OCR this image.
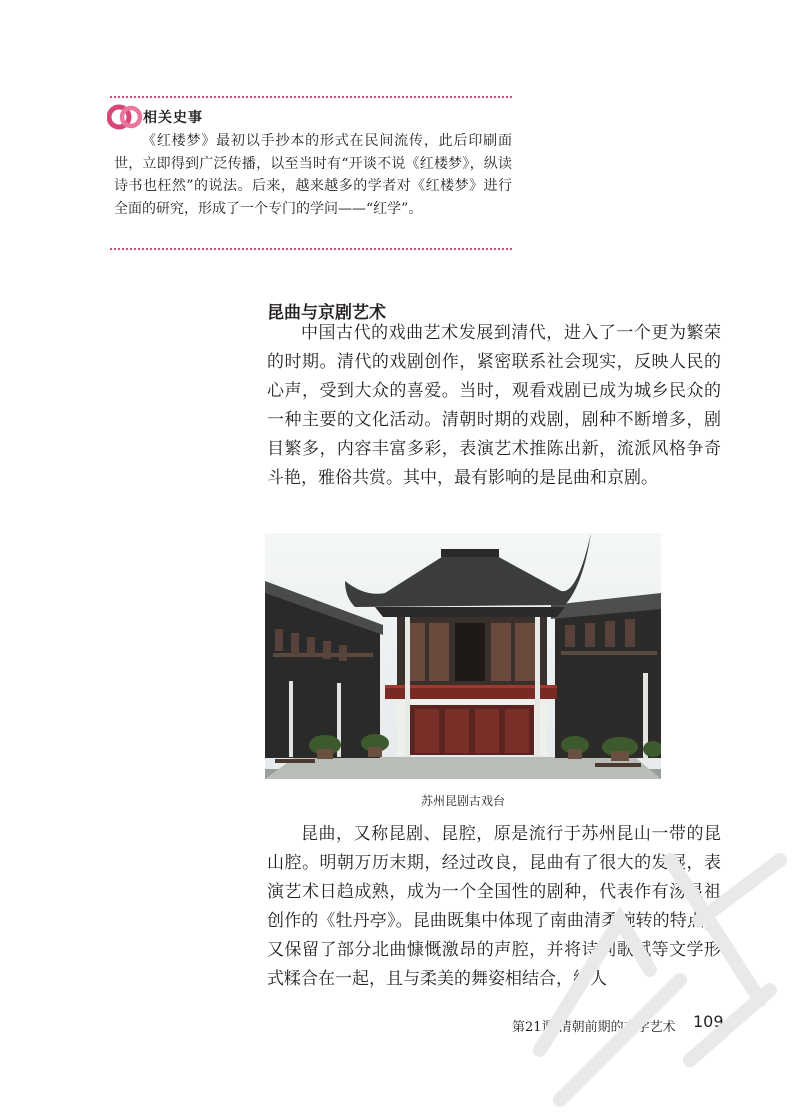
相关史事

《红楼梦》最初以手抄本的形式在民间流传，此后印刷面世，立即得到广泛传播，以至当时有“开谈不说《红楼梦》，纵读诗书也枉然”的说法。后来，越来越多的学者对《红楼梦》进行全面的研究，形成了一个专门的学问——“红学”。

昆曲与京剧艺术

中国古代的戏曲艺术发展到清代，进入了一个更为繁荣的时期。清代的戏剧创作，紧密联系社会现实，反映人民的心声，受到大众的喜爱。当时，观看戏剧已成为城乡民众的一种主要的文化活动。清朝时期的戏剧，剧种不断增多，剧目繁多，内容丰富多彩，表演艺术推陈出新，流派风格争奇斗艳，雅俗共赏。其中，最有影响的是昆曲和京剧。

苏州昆剧古戏台

昆曲，又称昆剧、昆腔，原是流行于苏州昆山一带的昆山腔。明朝万历末期，经过改良，昆曲有了很大的发展，表演艺术日趋成熟，成为一个全国性的剧种，代表作有汤显祖创作的《牡丹亭》。昆曲既集中体现了南曲清柔婉转的特点，又保留了部分北曲慷慨激昂的声腔，并将诗词歌赋等文学形式糅合在一起，且与柔美的舞姿相结合，给人

第21课 清朝前期的文学艺术 109
